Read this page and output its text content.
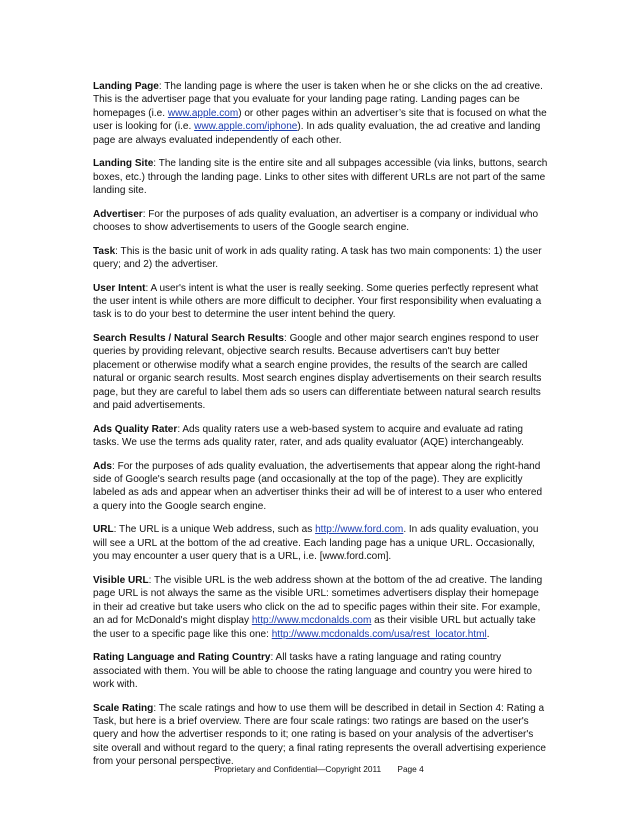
Landing Page: The landing page is where the user is taken when he or she clicks on the ad creative. This is the advertiser page that you evaluate for your landing page rating. Landing pages can be homepages (i.e. www.apple.com) or other pages within an advertiser’s site that is focused on what the user is looking for (i.e. www.apple.com/iphone). In ads quality evaluation, the ad creative and landing page are always evaluated independently of each other.

Landing Site: The landing site is the entire site and all subpages accessible (via links, buttons, search boxes, etc.) through the landing page. Links to other sites with different URLs are not part of the same landing site.

Advertiser: For the purposes of ads quality evaluation, an advertiser is a company or individual who chooses to show advertisements to users of the Google search engine.

Task: This is the basic unit of work in ads quality rating. A task has two main components: 1) the user query; and 2) the advertiser.

User Intent: A user's intent is what the user is really seeking. Some queries perfectly represent what the user intent is while others are more difficult to decipher. Your first responsibility when evaluating a task is to do your best to determine the user intent behind the query.

Search Results / Natural Search Results: Google and other major search engines respond to user queries by providing relevant, objective search results. Because advertisers can't buy better placement or otherwise modify what a search engine provides, the results of the search are called natural or organic search results. Most search engines display advertisements on their search results page, but they are careful to label them ads so users can differentiate between natural search results and paid advertisements.

Ads Quality Rater: Ads quality raters use a web-based system to acquire and evaluate ad rating tasks. We use the terms ads quality rater, rater, and ads quality evaluator (AQE) interchangeably.

Ads: For the purposes of ads quality evaluation, the advertisements that appear along the right-hand side of Google's search results page (and occasionally at the top of the page). They are explicitly labeled as ads and appear when an advertiser thinks their ad will be of interest to a user who entered a query into the Google search engine.

URL: The URL is a unique Web address, such as http://www.ford.com. In ads quality evaluation, you will see a URL at the bottom of the ad creative. Each landing page has a unique URL. Occasionally, you may encounter a user query that is a URL, i.e. [www.ford.com].

Visible URL: The visible URL is the web address shown at the bottom of the ad creative. The landing page URL is not always the same as the visible URL: sometimes advertisers display their homepage in their ad creative but take users who click on the ad to specific pages within their site. For example, an ad for McDonald's might display http://www.mcdonalds.com as their visible URL but actually take the user to a specific page like this one: http://www.mcdonalds.com/usa/rest_locator.html.

Rating Language and Rating Country: All tasks have a rating language and rating country associated with them. You will be able to choose the rating language and country you were hired to work with.

Scale Rating: The scale ratings and how to use them will be described in detail in Section 4: Rating a Task, but here is a brief overview. There are four scale ratings: two ratings are based on the user's query and how the advertiser responds to it; one rating is based on your analysis of the advertiser's site overall and without regard to the query; a final rating represents the overall advertising experience from your personal perspective.

Proprietary and Confidential—Copyright 2011 Page 4
